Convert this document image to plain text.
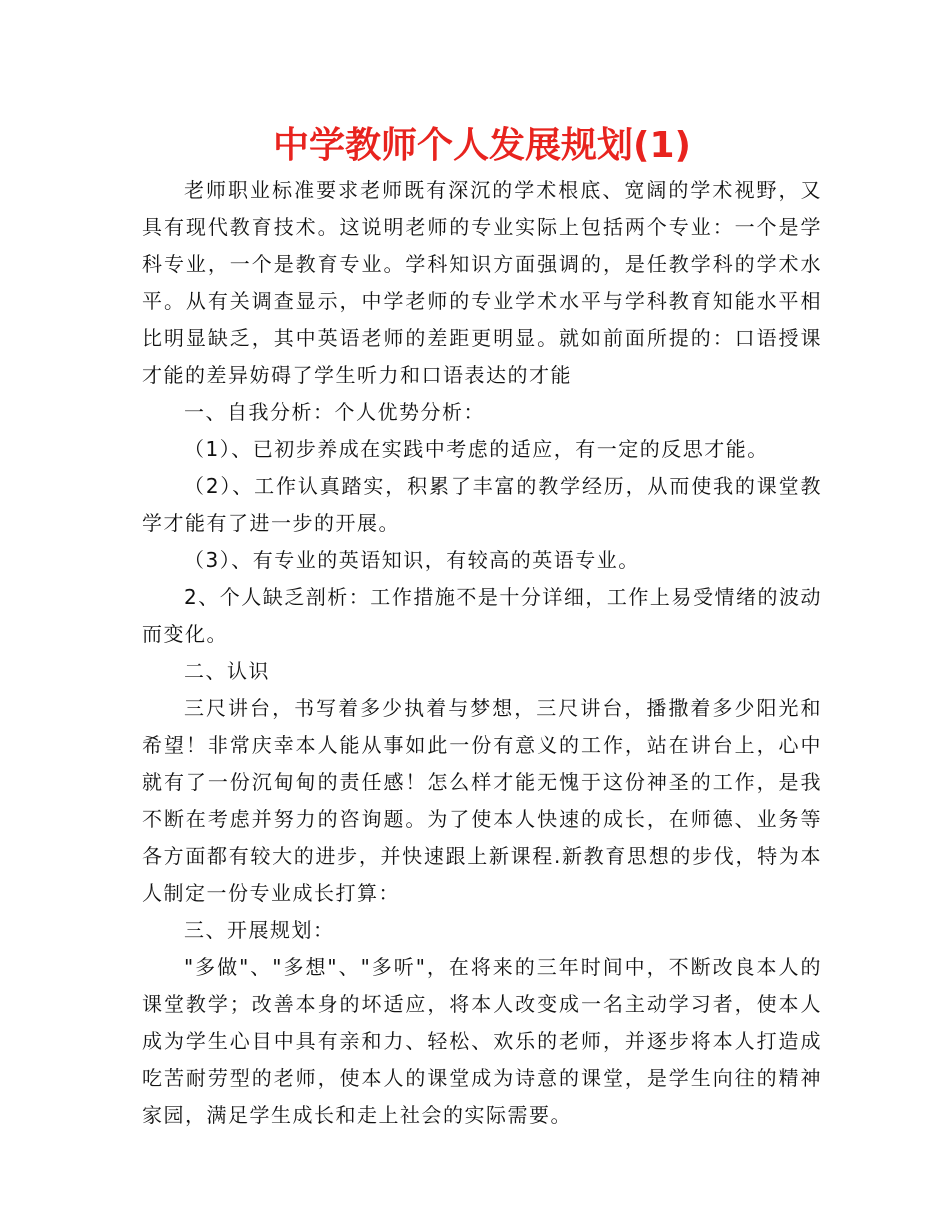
中学教师个人发展规划(1)

老师职业标准要求老师既有深沉的学术根底、宽阔的学术视野，又具有现代教育技术。这说明老师的专业实际上包括两个专业：一个是学科专业，一个是教育专业。学科知识方面强调的，是任教学科的学术水平。从有关调查显示，中学老师的专业学术水平与学科教育知能水平相比明显缺乏，其中英语老师的差距更明显。就如前面所提的：口语授课才能的差异妨碍了学生听力和口语表达的才能

一、自我分析：个人优势分析：

（1）、已初步养成在实践中考虑的适应，有一定的反思才能。

（2）、工作认真踏实，积累了丰富的教学经历，从而使我的课堂教学才能有了进一步的开展。

（3）、有专业的英语知识，有较高的英语专业。

2、个人缺乏剖析：工作措施不是十分详细，工作上易受情绪的波动而变化。

二、认识

三尺讲台，书写着多少执着与梦想，三尺讲台，播撒着多少阳光和希望！非常庆幸本人能从事如此一份有意义的工作，站在讲台上，心中就有了一份沉甸甸的责任感！怎么样才能无愧于这份神圣的工作，是我不断在考虑并努力的咨询题。为了使本人快速的成长，在师德、业务等各方面都有较大的进步，并快速跟上新课程.新教育思想的步伐，特为本人制定一份专业成长打算：

三、开展规划：

"多做"、"多想"、"多听"，在将来的三年时间中，不断改良本人的课堂教学；改善本身的坏适应，将本人改变成一名主动学习者，使本人成为学生心目中具有亲和力、轻松、欢乐的老师，并逐步将本人打造成吃苦耐劳型的老师，使本人的课堂成为诗意的课堂，是学生向往的精神家园，满足学生成长和走上社会的实际需要。
